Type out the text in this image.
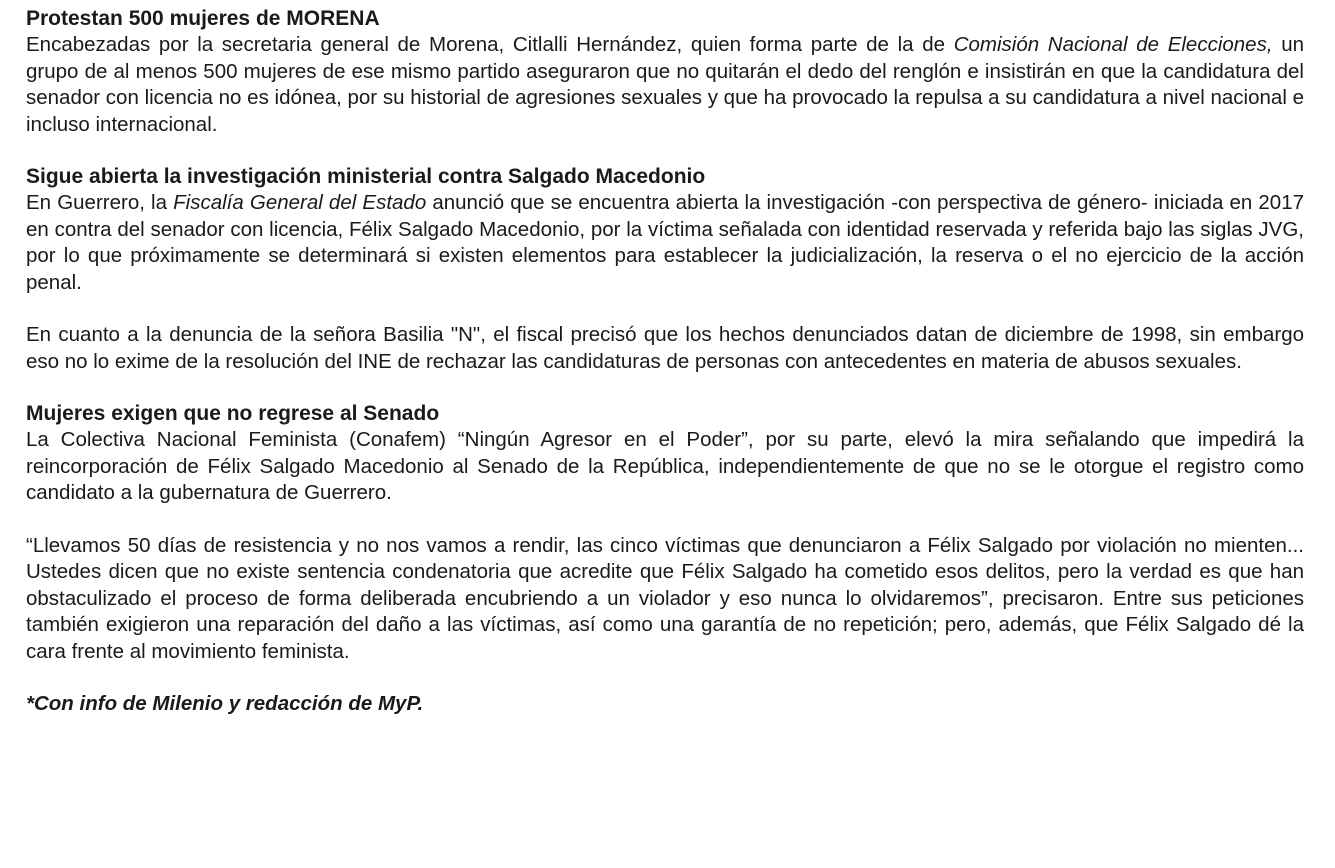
Protestan 500 mujeres de MORENA

Encabezadas por la secretaria general de Morena, Citlalli Hernández, quien forma parte de la de Comisión Nacional de Elecciones, un grupo de al menos 500 mujeres de ese mismo partido aseguraron que no quitarán el dedo del renglón e insistirán en que la candidatura del senador con licencia no es idónea, por su historial de agresiones sexuales y que ha provocado la repulsa a su candidatura a nivel nacional e incluso internacional.

Sigue abierta la investigación ministerial contra Salgado Macedonio

En Guerrero, la Fiscalía General del Estado anunció que se encuentra abierta la investigación -con perspectiva de género- iniciada en 2017 en contra del senador con licencia, Félix Salgado Macedonio, por la víctima señalada con identidad reservada y referida bajo las siglas JVG, por lo que próximamente se determinará si existen elementos para establecer la judicialización, la reserva o el no ejercicio de la acción penal.

En cuanto a la denuncia de la señora Basilia "N", el fiscal precisó que los hechos denunciados datan de diciembre de 1998, sin embargo eso no lo exime de la resolución del INE de rechazar las candidaturas de personas con antecedentes en materia de abusos sexuales.

Mujeres exigen que no regrese al Senado

La Colectiva Nacional Feminista (Conafem) “Ningún Agresor en el Poder”, por su parte, elevó la mira señalando que impedirá la reincorporación de Félix Salgado Macedonio al Senado de la República, independientemente de que no se le otorgue el registro como candidato a la gubernatura de Guerrero.

“Llevamos 50 días de resistencia y no nos vamos a rendir, las cinco víctimas que denunciaron a Félix Salgado por violación no mienten... Ustedes dicen que no existe sentencia condenatoria que acredite que Félix Salgado ha cometido esos delitos, pero la verdad es que han obstaculizado el proceso de forma deliberada encubriendo a un violador y eso nunca lo olvidaremos”, precisaron. Entre sus peticiones también exigieron una reparación del daño a las víctimas, así como una garantía de no repetición; pero, además, que Félix Salgado dé la cara frente al movimiento feminista.

*Con info de Milenio y redacción de MyP.
